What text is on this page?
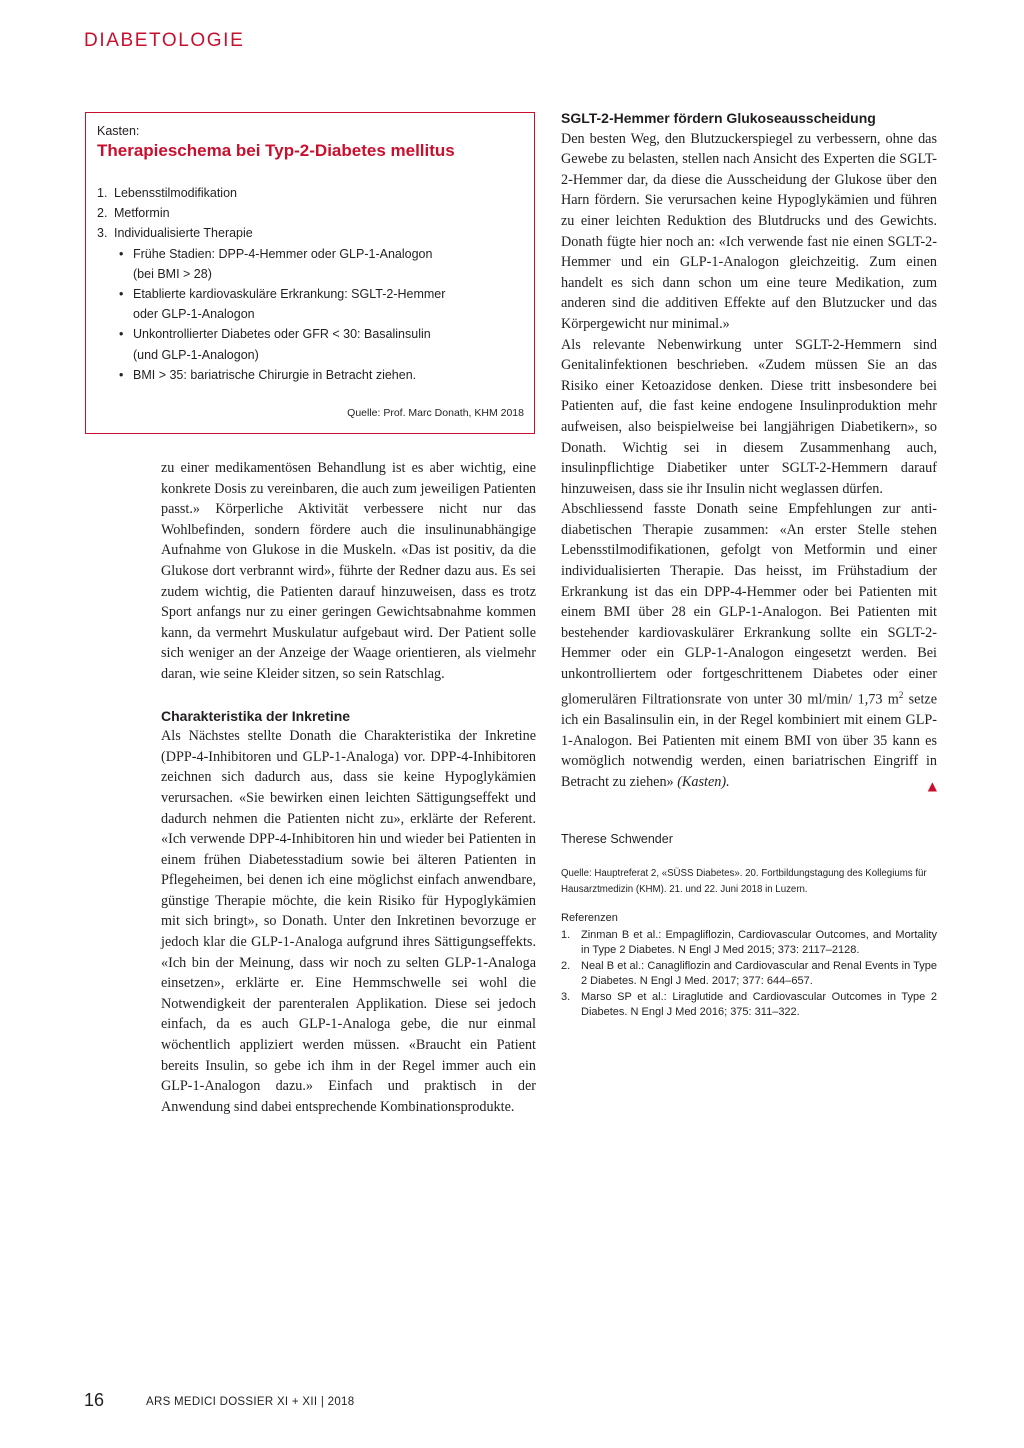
DIABETOLOGIE
Kasten:
Therapieschema bei Typ-2-Diabetes mellitus
1. Lebensstilmodifikation
2. Metformin
3. Individualisierte Therapie
• Frühe Stadien: DPP-4-Hemmer oder GLP-1-Analogon
(bei BMI > 28)
• Etablierte kardiovaskuläre Erkrankung: SGLT-2-Hemmer
oder GLP-1-Analogon
• Unkontrollierter Diabetes oder GFR < 30: Basalinsulin
(und GLP-1-Analogon)
• BMI > 35: bariatrische Chirurgie in Betracht ziehen.
Quelle: Prof. Marc Donath, KHM 2018

zu einer medikamentösen Behandlung ist es aber wichtig, eine konkrete Dosis zu vereinbaren, die auch zum jeweiligen Patienten passt.» Körperliche Aktivität verbessere nicht nur das Wohlbefinden, sondern fördere auch die insulinunabhängige Aufnahme von Glukose in die Muskeln. «Das ist positiv, da die Glukose dort verbrannt wird», führte der Redner dazu aus. Es sei zudem wichtig, die Patienten darauf hinzuweisen, dass es trotz Sport anfangs nur zu einer geringen Gewichtsabnahme kommen kann, da vermehrt Muskulatur aufgebaut wird. Der Patient solle sich weniger an der Anzeige der Waage orientieren, als vielmehr daran, wie seine Kleider sitzen, so sein Ratschlag.

Charakteristika der Inkretine

Als Nächstes stellte Donath die Charakteristika der Inkretine (DPP-4-Inhibitoren und GLP-1-Analoga) vor. DPP-4-Inhibitoren zeichnen sich dadurch aus, dass sie keine Hypoglykämien verursachen. «Sie bewirken einen leichten Sättigungseffekt und dadurch nehmen die Patienten nicht zu», erklärte der Referent. «Ich verwende DPP-4-Inhibitoren hin und wieder bei Patienten in einem frühen Diabetesstadium sowie bei älteren Patienten in Pflegeheimen, bei denen ich eine möglichst einfach anwendbare, günstige Therapie möchte, die kein Risiko für Hypoglykämien mit sich bringt», so Donath. Unter den Inkretinen bevorzuge er jedoch klar die GLP-1-Analoga aufgrund ihres Sättigungseffekts. «Ich bin der Meinung, dass wir noch zu selten GLP-1-Analoga einsetzen», erklärte er. Eine Hemmschwelle sei wohl die Notwendigkeit der parenteralen Applikation. Diese sei jedoch einfach, da es auch GLP-1-Analoga gebe, die nur einmal wöchentlich appliziert werden müssen. «Braucht ein Patient bereits Insulin, so gebe ich ihm in der Regel immer auch ein GLP-1-Analogon dazu.» Einfach und praktisch in der Anwendung sind dabei entsprechende Kombinationsprodukte.

SGLT-2-Hemmer fördern Glukoseausscheidung

Den besten Weg, den Blutzuckerspiegel zu verbessern, ohne das Gewebe zu belasten, stellen nach Ansicht des Experten die SGLT-2-Hemmer dar, da diese die Ausscheidung der Glukose über den Harn fördern. Sie verursachen keine Hypoglykämien und führen zu einer leichten Reduktion des Blutdrucks und des Gewichts. Donath fügte hier noch an: «Ich verwende fast nie einen SGLT-2-Hemmer und ein GLP-1-Analogon gleichzeitig. Zum einen handelt es sich dann schon um eine teure Medikation, zum anderen sind die additiven Effekte auf den Blutzucker und das Körpergewicht nur minimal.»

Als relevante Nebenwirkung unter SGLT-2-Hemmern sind Genitalinfektionen beschrieben. «Zudem müssen Sie an das Risiko einer Ketoazidose denken. Diese tritt insbesondere bei Patienten auf, die fast keine endogene Insulinproduktion mehr aufweisen, also beispielweise bei langjährigen Diabetikern», so Donath. Wichtig sei in diesem Zusammenhang auch, insulinpflichtige Diabetiker unter SGLT-2-Hemmern darauf hinzuweisen, dass sie ihr Insulin nicht weglassen dürfen.

Abschliessend fasste Donath seine Empfehlungen zur antidiabetischen Therapie zusammen: «An erster Stelle stehen Lebensstilmodifikationen, gefolgt von Metformin und einer individualisierten Therapie. Das heisst, im Frühstadium der Erkrankung ist das ein DPP-4-Hemmer oder bei Patienten mit einem BMI über 28 ein GLP-1-Analogon. Bei Patienten mit bestehender kardiovaskulärer Erkrankung sollte ein SGLT-2-Hemmer oder ein GLP-1-Analogon eingesetzt werden. Bei unkontrolliertem oder fortgeschrittenem Diabetes oder einer glomerulären Filtrationsrate von unter 30 ml/min/ 1,73 $m^2$ setze ich ein Basalinsulin ein, in der Regel kombiniert mit einem GLP-1-Analogon. Bei Patienten mit einem BMI von über 35 kann es womöglich notwendig werden, einen bariatrischen Eingriff in Betracht zu ziehen» (Kasten).	▲

Therese Schwender
Quelle: Hauptreferat 2, «SÜSS Diabetes». 20. Fortbildungstagung des Kollegiums für Hausarztmedizin (KHM). 21. und 22. Juni 2018 in Luzern.
Referenzen
1. Zinman B et al.: Empagliflozin, Cardiovascular Outcomes, and Mortality in Type 2 Diabetes. N Engl J Med 2015; 373: 2117–2128.
2. Neal B et al.: Canagliflozin and Cardiovascular and Renal Events in Type 2 Diabetes. N Engl J Med. 2017; 377: 644–657.
3. Marso SP et al.: Liraglutide and Cardiovascular Outcomes in Type 2 Diabetes. N Engl J Med 2016; 375: 311–322.
16	ARS MEDICI DOSSIER XI + XII | 2018
